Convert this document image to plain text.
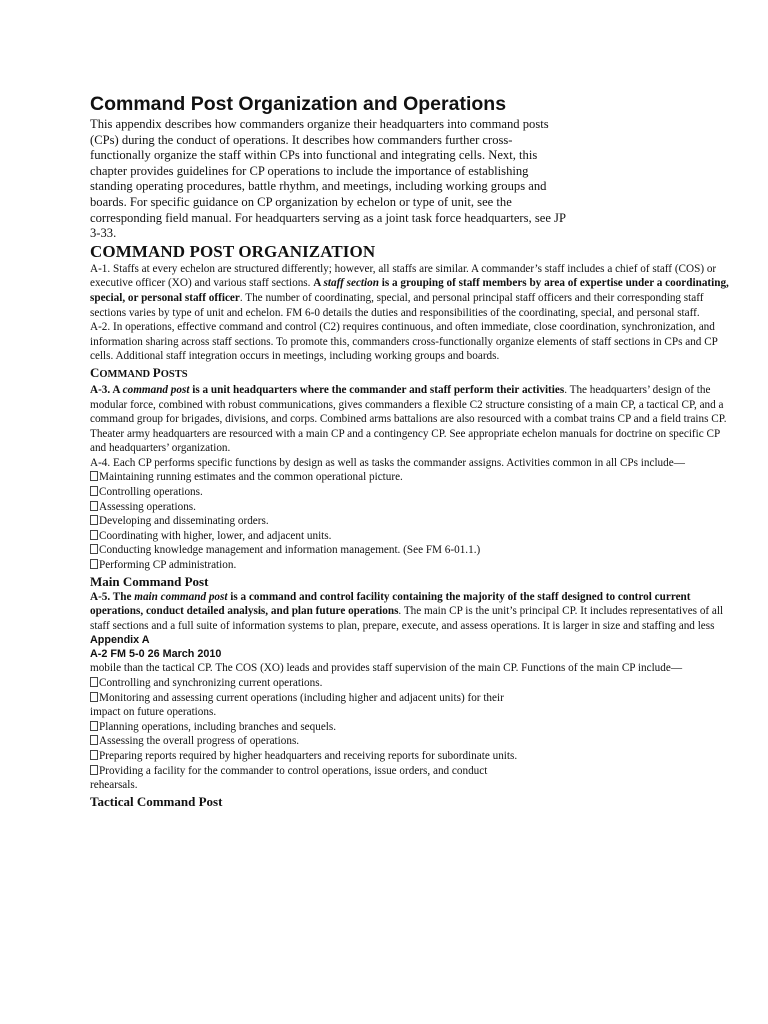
Command Post Organization and Operations

This appendix describes how commanders organize their headquarters into command posts (CPs) during the conduct of operations. It describes how commanders further cross-functionally organize the staff within CPs into functional and integrating cells. Next, this chapter provides guidelines for CP operations to include the importance of establishing standing operating procedures, battle rhythm, and meetings, including working groups and boards. For specific guidance on CP organization by echelon or type of unit, see the corresponding field manual. For headquarters serving as a joint task force headquarters, see JP 3-33.

COMMAND POST ORGANIZATION

A-1. Staffs at every echelon are structured differently; however, all staffs are similar. A commander’s staff includes a chief of staff (COS) or executive officer (XO) and various staff sections. A staff section is a grouping of staff members by area of expertise under a coordinating, special, or personal staff officer. The number of coordinating, special, and personal principal staff officers and their corresponding staff sections varies by type of unit and echelon. FM 6-0 details the duties and responsibilities of the coordinating, special, and personal staff.

A-2. In operations, effective command and control (C2) requires continuous, and often immediate, close coordination, synchronization, and information sharing across staff sections. To promote this, commanders cross-functionally organize elements of staff sections in CPs and CP cells. Additional staff integration occurs in meetings, including working groups and boards.

COMMAND POSTS

A-3. A command post is a unit headquarters where the commander and staff perform their activities. The headquarters’ design of the modular force, combined with robust communications, gives commanders a flexible C2 structure consisting of a main CP, a tactical CP, and a command group for brigades, divisions, and corps. Combined arms battalions are also resourced with a combat trains CP and a field trains CP. Theater army headquarters are resourced with a main CP and a contingency CP. See appropriate echelon manuals for doctrine on specific CP and headquarters’ organization.

A-4. Each CP performs specific functions by design as well as tasks the commander assigns. Activities common in all CPs include—

Maintaining running estimates and the common operational picture.

Controlling operations.

Assessing operations.

Developing and disseminating orders.

Coordinating with higher, lower, and adjacent units.

Conducting knowledge management and information management. (See FM 6-01.1.)

Performing CP administration.

Main Command Post

A-5. The main command post is a command and control facility containing the majority of the staff designed to control current operations, conduct detailed analysis, and plan future operations. The main CP is the unit’s principal CP. It includes representatives of all staff sections and a full suite of information systems to plan, prepare, execute, and assess operations. It is larger in size and staffing and less

Appendix A

A-2 FM 5-0 26 March 2010

mobile than the tactical CP. The COS (XO) leads and provides staff supervision of the main CP. Functions of the main CP include—

Controlling and synchronizing current operations.

Monitoring and assessing current operations (including higher and adjacent units) for their

impact on future operations.

Planning operations, including branches and sequels.

Assessing the overall progress of operations.

Preparing reports required by higher headquarters and receiving reports for subordinate units.

Providing a facility for the commander to control operations, issue orders, and conduct

rehearsals.

Tactical Command Post
